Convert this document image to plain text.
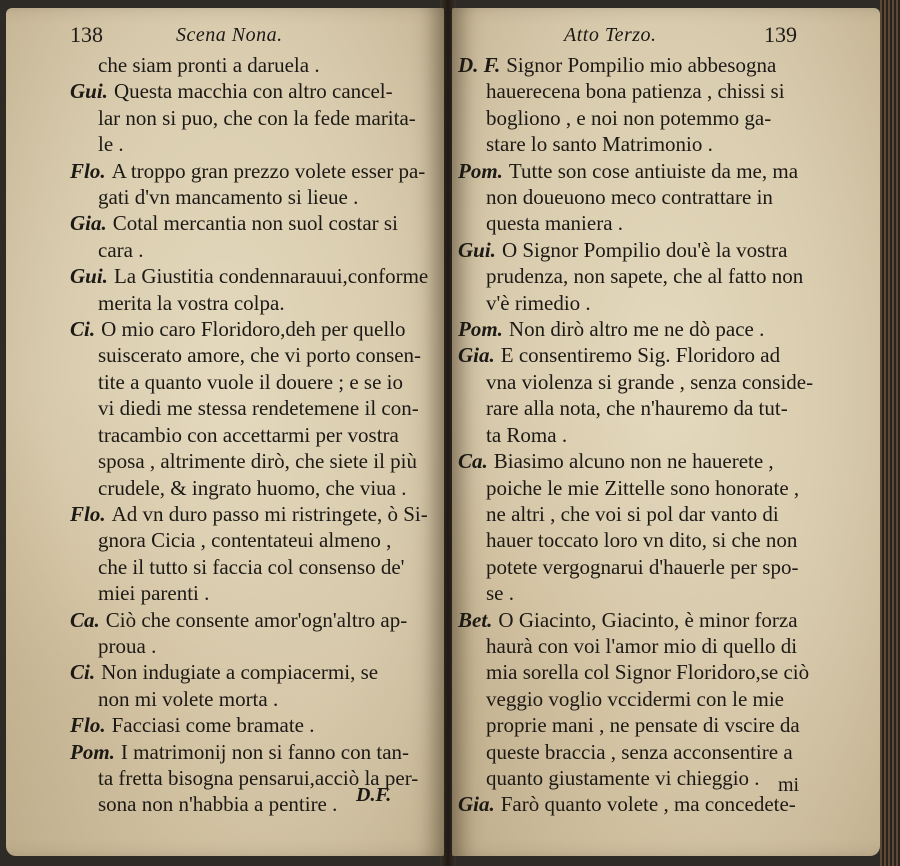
138	Scena Nona.
che siam pronti a daruela .
Gui. Questa macchia con altro cancel-
lar non si puo, che con la fede marita-
le .
Flo. A troppo gran prezzo volete esser pa-
gati d'vn mancamento si lieue .
Gia. Cotal mercantia non suol costar si
cara .
Gui. La Giustitia condennarauui,conforme
merita la vostra colpa.
Ci. O mio caro Floridoro,deh per quello
suiscerato amore, che vi porto consen-
tite a quanto vuole il douere ; e se io
vi diedi me stessa rendetemene il con-
tracambio con accettarmi per vostra
sposa , altrimente dirò, che siete il più
crudele, & ingrato huomo, che viua .
Flo. Ad vn duro passo mi ristringete, ò Si-
gnora Cicia , contentateui almeno ,
che il tutto si faccia col consenso de'
miei parenti .
Ca. Ciò che consente amor'ogn'altro ap-
proua .
Ci. Non indugiate a compiacermi, se
non mi volete morta .
Flo. Facciasi come bramate .
Pom. I matrimonij non si fanno con tan-
ta fretta bisogna pensarui,acciò la per-
sona non n'habbia a pentire . D.F.
Atto Terzo.	139
D. F. Signor Pompilio mio abbesogna
hauerecena bona patienza , chissi si
bogliono , e noi non potemmo ga-
stare lo santo Matrimonio .
Pom. Tutte son cose antiuiste da me, ma
non doueuono meco contrattare in
questa maniera .
Gui. O Signor Pompilio dou'è la vostra
prudenza, non sapete, che al fatto non
v'è rimedio .
Pom. Non dirò altro me ne dò pace .
Gia. E consentiremo Sig. Floridoro ad
vna violenza si grande , senza conside-
rare alla nota, che n'hauremo da tut-
ta Roma .
Ca. Biasimo alcuno non ne hauerete ,
poiche le mie Zittelle sono honorate ,
ne altri , che voi si pol dar vanto di
hauer toccato loro vn dito, si che non
potete vergognarui d'hauerle per spo-
se .
Bet. O Giacinto, Giacinto, è minor forza
haurà con voi l'amor mio di quello di
mia sorella col Signor Floridoro,se ciò
veggio voglio vccidermi con le mie
proprie mani , ne pensate di vscire da
queste braccia , senza acconsentire a
quanto giustamente vi chieggio .
Gia. Farò quanto volete , ma concedete-
mi
